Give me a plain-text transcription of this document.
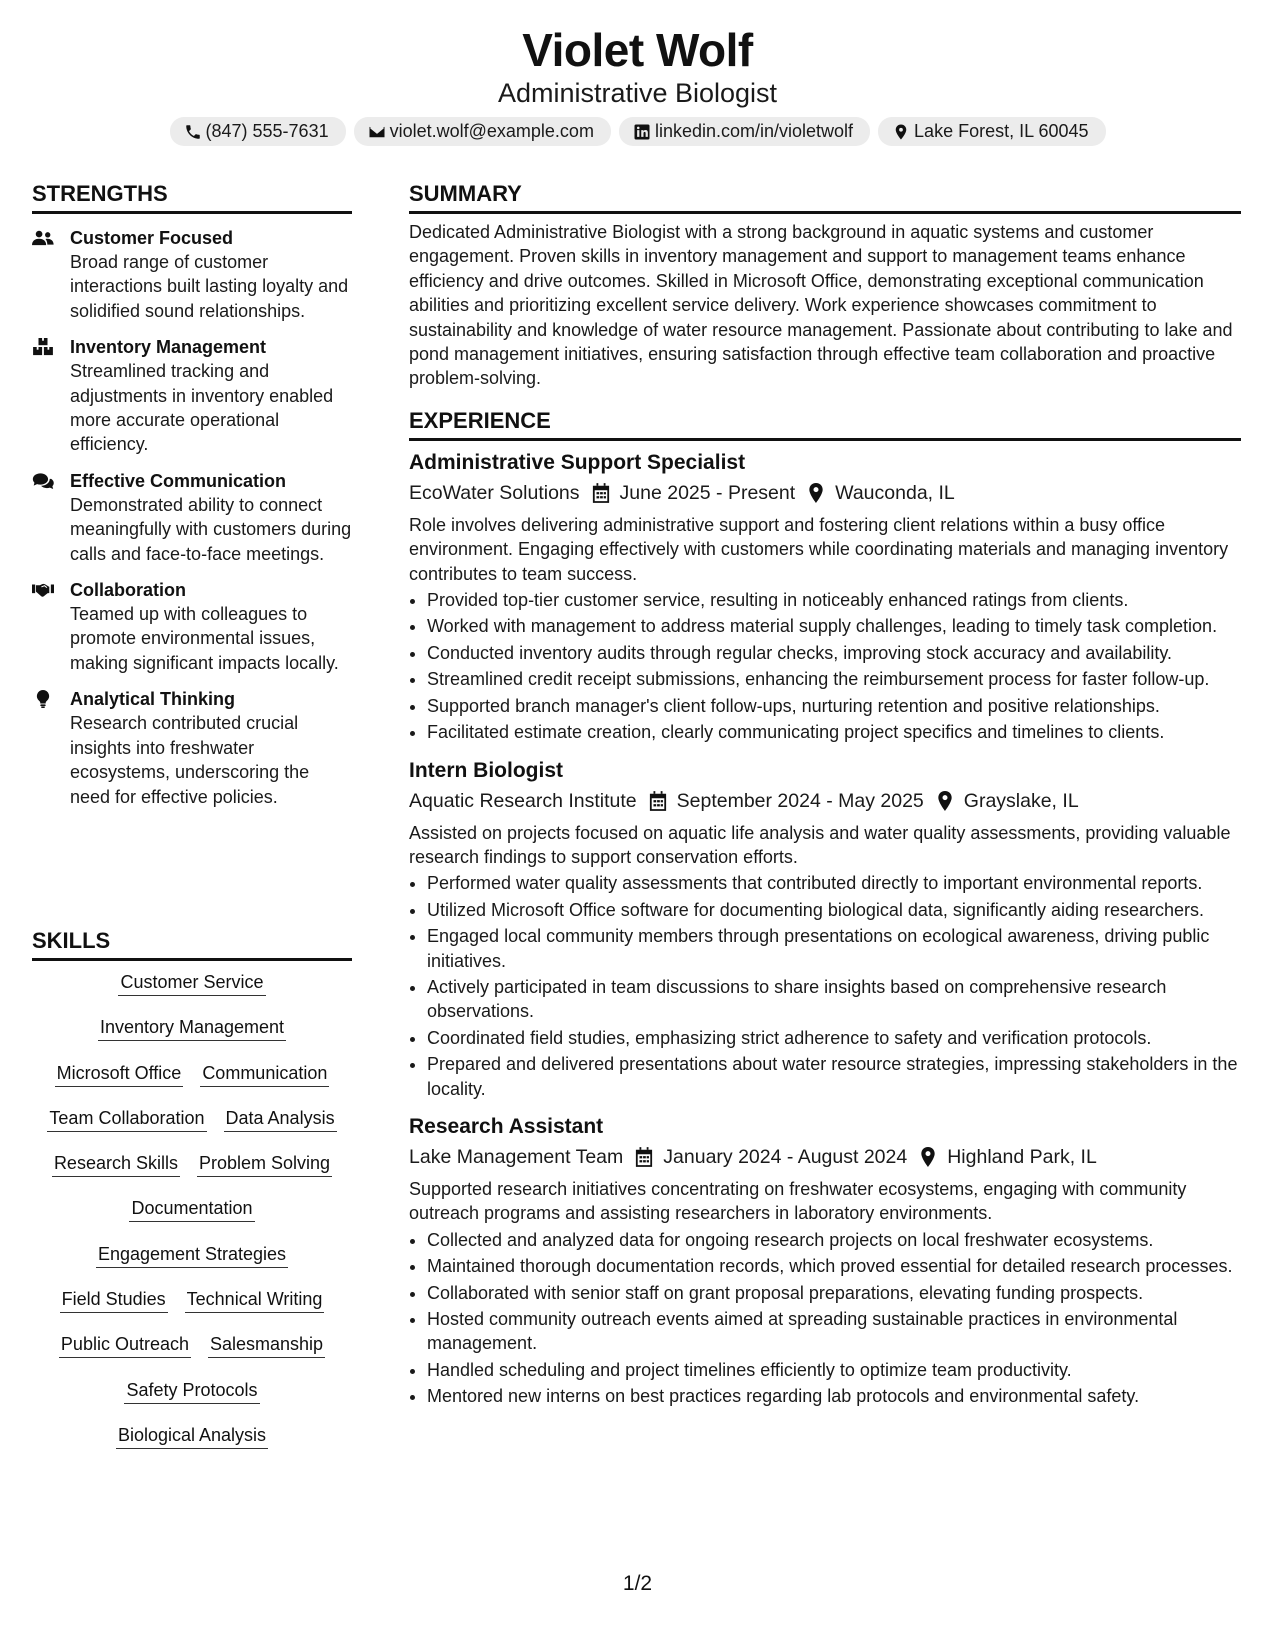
Violet Wolf
Administrative Biologist
(847) 555-7631	violet.wolf@example.com	linkedin.com/in/violetwolf	Lake Forest, IL 60045
STRENGTHS
Customer Focused
Broad range of customer interactions built lasting loyalty and solidified sound relationships.
Inventory Management
Streamlined tracking and adjustments in inventory enabled more accurate operational efficiency.
Effective Communication
Demonstrated ability to connect meaningfully with customers during calls and face-to-face meetings.
Collaboration
Teamed up with colleagues to promote environmental issues, making significant impacts locally.
Analytical Thinking
Research contributed crucial insights into freshwater ecosystems, underscoring the need for effective policies.
SKILLS
Customer Service
Inventory Management
Microsoft Office Communication
Team Collaboration Data Analysis
Research Skills Problem Solving
Documentation
Engagement Strategies
Field Studies Technical Writing
Public Outreach Salesmanship
Safety Protocols
Biological Analysis
SUMMARY
Dedicated Administrative Biologist with a strong background in aquatic systems and customer engagement. Proven skills in inventory management and support to management teams enhance efficiency and drive outcomes. Skilled in Microsoft Office, demonstrating exceptional communication abilities and prioritizing excellent service delivery. Work experience showcases commitment to sustainability and knowledge of water resource management. Passionate about contributing to lake and pond management initiatives, ensuring satisfaction through effective team collaboration and proactive problem-solving.
EXPERIENCE
Administrative Support Specialist
EcoWater Solutions June 2025 - Present Wauconda, IL
Role involves delivering administrative support and fostering client relations within a busy office environment. Engaging effectively with customers while coordinating materials and managing inventory contributes to team success.
• Provided top-tier customer service, resulting in noticeably enhanced ratings from clients.
• Worked with management to address material supply challenges, leading to timely task completion.
• Conducted inventory audits through regular checks, improving stock accuracy and availability.
• Streamlined credit receipt submissions, enhancing the reimbursement process for faster follow-up.
• Supported branch manager's client follow-ups, nurturing retention and positive relationships.
• Facilitated estimate creation, clearly communicating project specifics and timelines to clients.
Intern Biologist
Aquatic Research Institute September 2024 - May 2025 Grayslake, IL
Assisted on projects focused on aquatic life analysis and water quality assessments, providing valuable research findings to support conservation efforts.
• Performed water quality assessments that contributed directly to important environmental reports.
• Utilized Microsoft Office software for documenting biological data, significantly aiding researchers.
• Engaged local community members through presentations on ecological awareness, driving public initiatives.
• Actively participated in team discussions to share insights based on comprehensive research observations.
• Coordinated field studies, emphasizing strict adherence to safety and verification protocols.
• Prepared and delivered presentations about water resource strategies, impressing stakeholders in the locality.
Research Assistant
Lake Management Team January 2024 - August 2024 Highland Park, IL
Supported research initiatives concentrating on freshwater ecosystems, engaging with community outreach programs and assisting researchers in laboratory environments.
• Collected and analyzed data for ongoing research projects on local freshwater ecosystems.
• Maintained thorough documentation records, which proved essential for detailed research processes.
• Collaborated with senior staff on grant proposal preparations, elevating funding prospects.
• Hosted community outreach events aimed at spreading sustainable practices in environmental management.
• Handled scheduling and project timelines efficiently to optimize team productivity.
• Mentored new interns on best practices regarding lab protocols and environmental safety.
1/2
